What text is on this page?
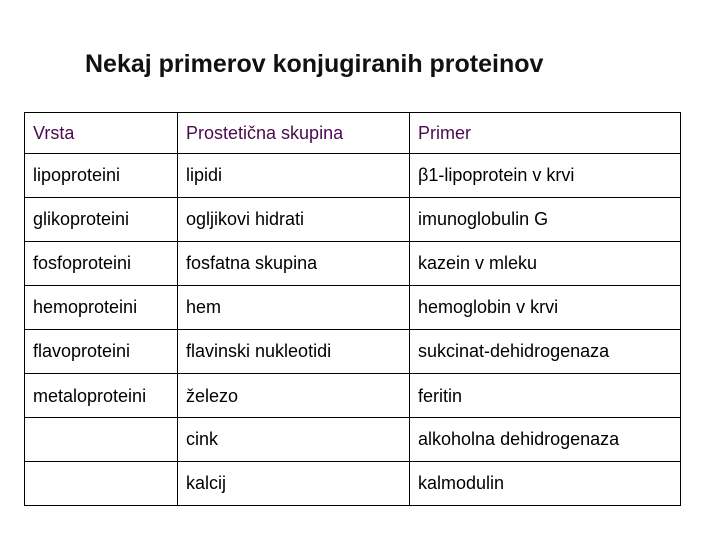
Nekaj primerov konjugiranih proteinov
Vrsta	Prostetična skupina	Primer
lipoproteini	lipidi	β1-lipoprotein v krvi
glikoproteini	ogljikovi hidrati	imunoglobulin G
fosfoproteini	fosfatna skupina	kazein v mleku
hemoproteini	hem	hemoglobin v krvi
flavoproteini	flavinski nukleotidi	sukcinat-dehidrogenaza
metaloproteini	železo	feritin
	cink	alkoholna dehidrogenaza
	kalcij	kalmodulin
